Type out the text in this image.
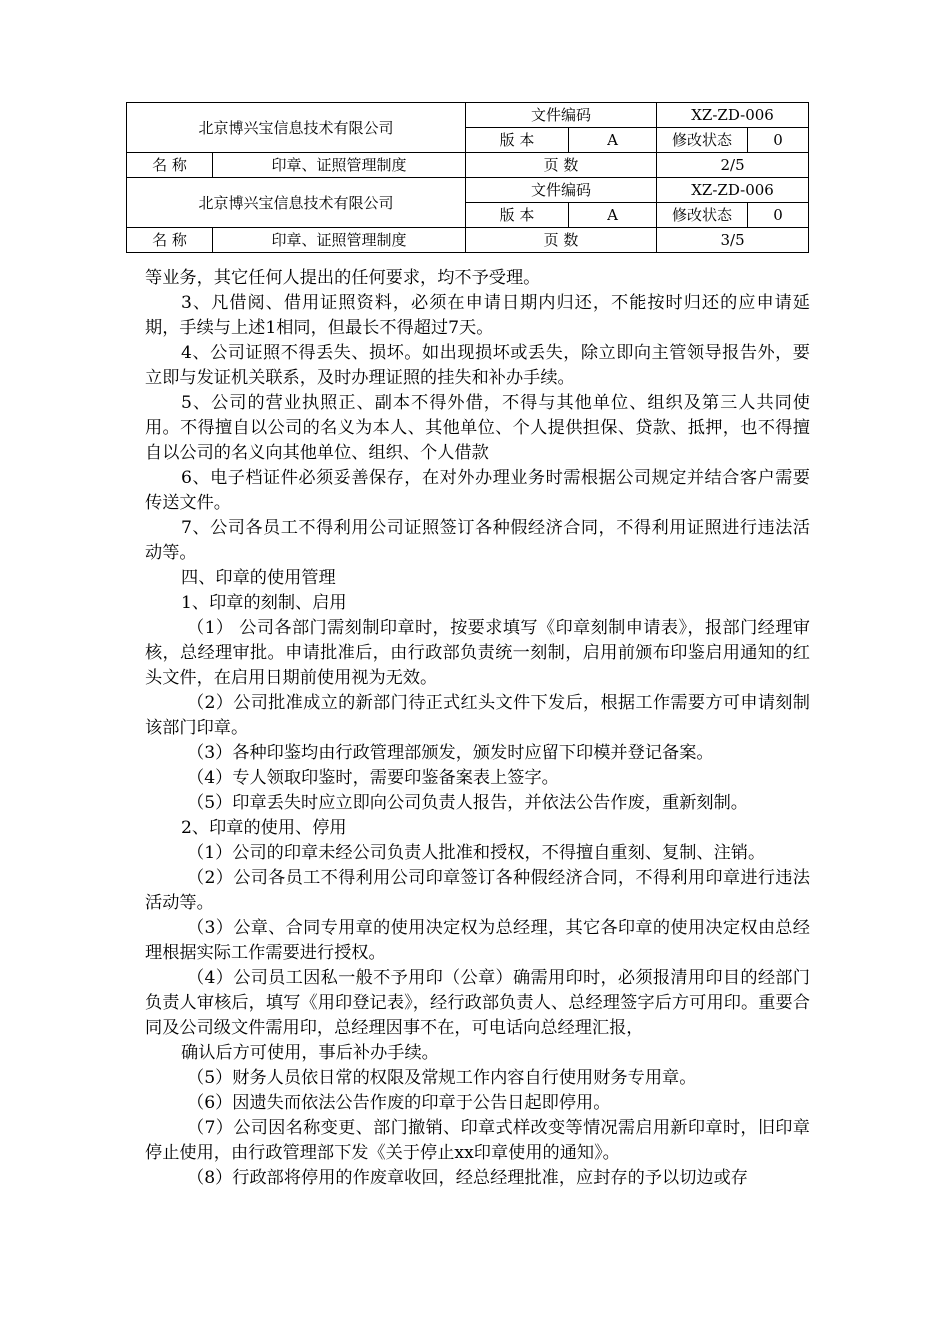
北京博兴宝信息技术有限公司		文件编码		XZ-ZD-006	
		版 本	A	修改状态	0
名 称	印章、证照管理制度	页 数		2/5	
北京博兴宝信息技术有限公司		文件编码		XZ-ZD-006	
		版 本	A	修改状态	0
名 称	印章、证照管理制度	页 数		3/5	

等业务，其它任何人提出的任何要求，均不予受理。

3、凡借阅、借用证照资料，必须在申请日期内归还，不能按时归还的应申请延期，手续与上述1相同，但最长不得超过7天。

4、公司证照不得丢失、损坏。如出现损坏或丢失，除立即向主管领导报告外，要立即与发证机关联系，及时办理证照的挂失和补办手续。

5、公司的营业执照正、副本不得外借，不得与其他单位、组织及第三人共同使用。不得擅自以公司的名义为本人、其他单位、个人提供担保、贷款、抵押，也不得擅自以公司的名义向其他单位、组织、个人借款

6、电子档证件必须妥善保存，在对外办理业务时需根据公司规定并结合客户需要传送文件。

7、公司各员工不得利用公司证照签订各种假经济合同，不得利用证照进行违法活动等。

四、印章的使用管理

1、印章的刻制、启用

（1） 公司各部门需刻制印章时，按要求填写《印章刻制申请表》，报部门经理审核，总经理审批。申请批准后，由行政部负责统一刻制，启用前颁布印鉴启用通知的红头文件，在启用日期前使用视为无效。

（2）公司批准成立的新部门待正式红头文件下发后，根据工作需要方可申请刻制该部门印章。

（3）各种印鉴均由行政管理部颁发，颁发时应留下印模并登记备案。

（4）专人领取印鉴时，需要印鉴备案表上签字。

（5）印章丢失时应立即向公司负责人报告，并依法公告作废，重新刻制。

2、印章的使用、停用

（1）公司的印章未经公司负责人批准和授权，不得擅自重刻、复制、注销。

（2）公司各员工不得利用公司印章签订各种假经济合同，不得利用印章进行违法活动等。

（3）公章、合同专用章的使用决定权为总经理，其它各印章的使用决定权由总经理根据实际工作需要进行授权。

（4）公司员工因私一般不予用印（公章）确需用印时，必须报清用印目的经部门负责人审核后，填写《用印登记表》，经行政部负责人、总经理签字后方可用印。重要合同及公司级文件需用印，总经理因事不在，可电话向总经理汇报，

确认后方可使用，事后补办手续。

（5）财务人员依日常的权限及常规工作内容自行使用财务专用章。

（6）因遗失而依法公告作废的印章于公告日起即停用。

（7）公司因名称变更、部门撤销、印章式样改变等情况需启用新印章时，旧印章停止使用，由行政管理部下发《关于停止xx印章使用的通知》。

（8）行政部将停用的作废章收回，经总经理批准，应封存的予以切边或存
